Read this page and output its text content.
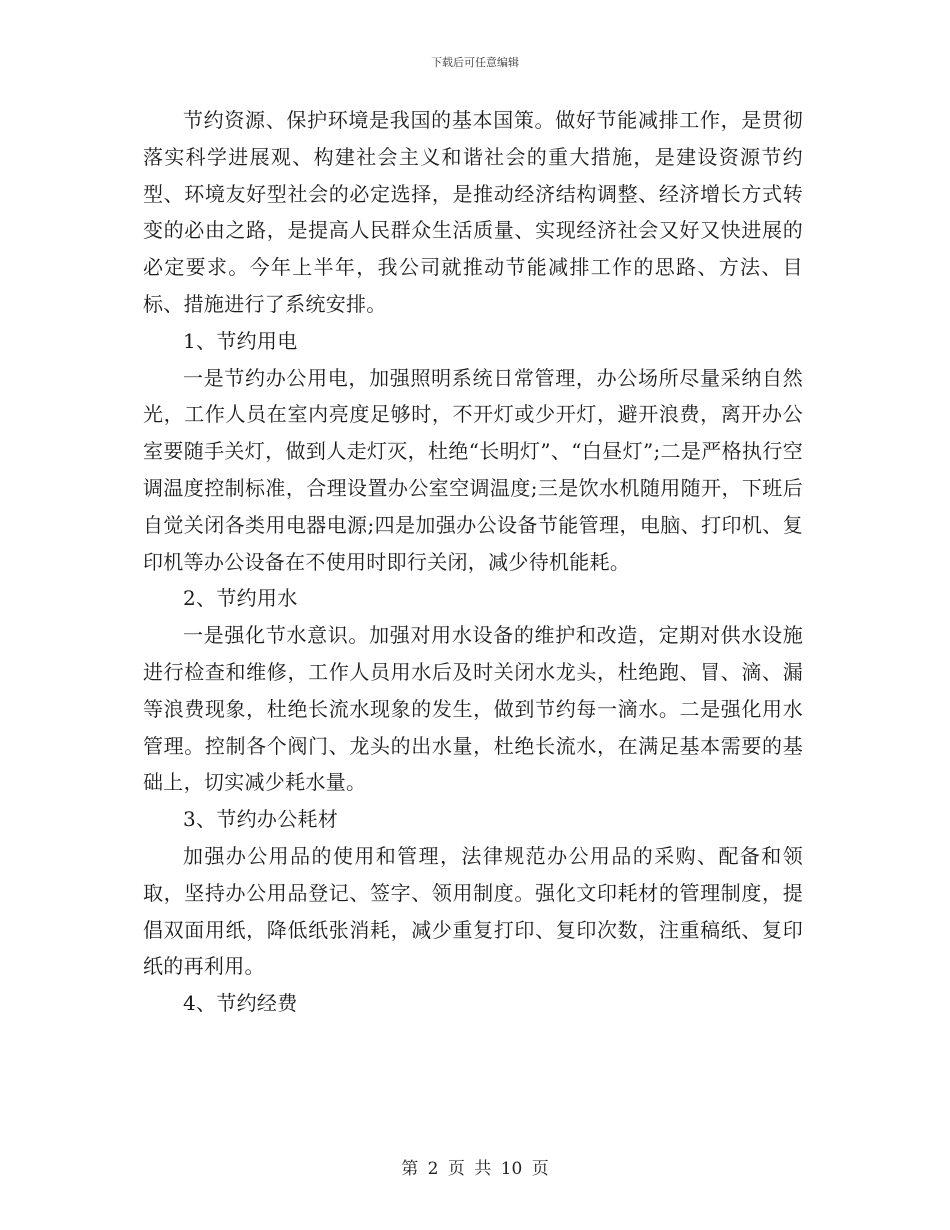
下载后可任意编辑

节约资源、保护环境是我国的基本国策。做好节能减排工作，是贯彻落实科学进展观、构建社会主义和谐社会的重大措施，是建设资源节约型、环境友好型社会的必定选择，是推动经济结构调整、经济增长方式转变的必由之路，是提高人民群众生活质量、实现经济社会又好又快进展的必定要求。今年上半年，我公司就推动节能减排工作的思路、方法、目标、措施进行了系统安排。

1、节约用电

一是节约办公用电，加强照明系统日常管理，办公场所尽量采纳自然光，工作人员在室内亮度足够时，不开灯或少开灯，避开浪费，离开办公室要随手关灯，做到人走灯灭，杜绝“长明灯”、“白昼灯”;二是严格执行空调温度控制标准，合理设置办公室空调温度;三是饮水机随用随开，下班后自觉关闭各类用电器电源;四是加强办公设备节能管理，电脑、打印机、复印机等办公设备在不使用时即行关闭，减少待机能耗。

2、节约用水

一是强化节水意识。加强对用水设备的维护和改造，定期对供水设施进行检查和维修，工作人员用水后及时关闭水龙头，杜绝跑、冒、滴、漏等浪费现象，杜绝长流水现象的发生，做到节约每一滴水。二是强化用水管理。控制各个阀门、龙头的出水量，杜绝长流水，在满足基本需要的基础上，切实减少耗水量。

3、节约办公耗材

加强办公用品的使用和管理，法律规范办公用品的采购、配备和领取，坚持办公用品登记、签字、领用制度。强化文印耗材的管理制度，提倡双面用纸，降低纸张消耗，减少重复打印、复印次数，注重稿纸、复印纸的再利用。

4、节约经费

第 2 页 共 10 页
